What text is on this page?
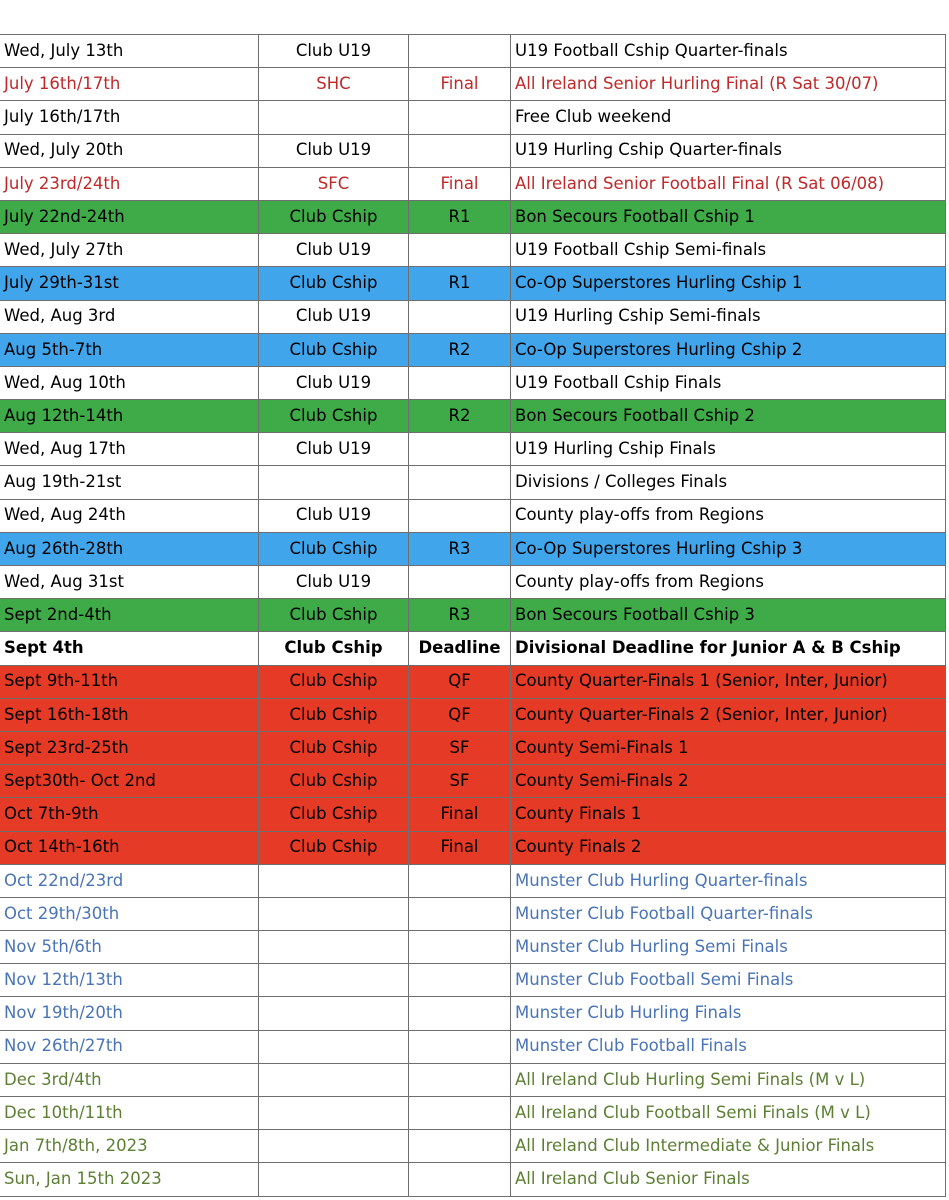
Wed, July 13th	Club U19		U19 Football Cship Quarter-finals
July 16th/17th	SHC	Final	All Ireland Senior Hurling Final (R Sat 30/07)
July 16th/17th			Free Club weekend
Wed, July 20th	Club U19		U19 Hurling Cship Quarter-finals
July 23rd/24th	SFC	Final	All Ireland Senior Football Final (R Sat 06/08)
July 22nd-24th	Club Cship	R1	Bon Secours Football Cship 1
Wed, July 27th	Club U19		U19 Football Cship Semi-finals
July 29th-31st	Club Cship	R1	Co-Op Superstores Hurling Cship 1
Wed, Aug 3rd	Club U19		U19 Hurling Cship Semi-finals
Aug 5th-7th	Club Cship	R2	Co-Op Superstores Hurling Cship 2
Wed, Aug 10th	Club U19		U19 Football Cship Finals
Aug 12th-14th	Club Cship	R2	Bon Secours Football Cship 2
Wed, Aug 17th	Club U19		U19 Hurling Cship Finals
Aug 19th-21st			Divisions / Colleges Finals
Wed, Aug 24th	Club U19		County play-offs from Regions
Aug 26th-28th	Club Cship	R3	Co-Op Superstores Hurling Cship 3
Wed, Aug 31st	Club U19		County play-offs from Regions
Sept 2nd-4th	Club Cship	R3	Bon Secours Football Cship 3
Sept 4th	Club Cship	Deadline	Divisional Deadline for Junior A & B Cship
Sept 9th-11th	Club Cship	QF	County Quarter-Finals 1 (Senior, Inter, Junior)
Sept 16th-18th	Club Cship	QF	County Quarter-Finals 2 (Senior, Inter, Junior)
Sept 23rd-25th	Club Cship	SF	County Semi-Finals 1
Sept30th- Oct 2nd	Club Cship	SF	County Semi-Finals 2
Oct 7th-9th	Club Cship	Final	County Finals 1
Oct 14th-16th	Club Cship	Final	County Finals 2
Oct 22nd/23rd			Munster Club Hurling Quarter-finals
Oct 29th/30th			Munster Club Football Quarter-finals
Nov 5th/6th			Munster Club Hurling Semi Finals
Nov 12th/13th			Munster Club Football Semi Finals
Nov 19th/20th			Munster Club Hurling Finals
Nov 26th/27th			Munster Club Football Finals
Dec 3rd/4th			All Ireland Club Hurling Semi Finals (M v L)
Dec 10th/11th			All Ireland Club Football Semi Finals (M v L)
Jan 7th/8th, 2023			All Ireland Club Intermediate & Junior Finals
Sun, Jan 15th 2023			All Ireland Club Senior Finals
